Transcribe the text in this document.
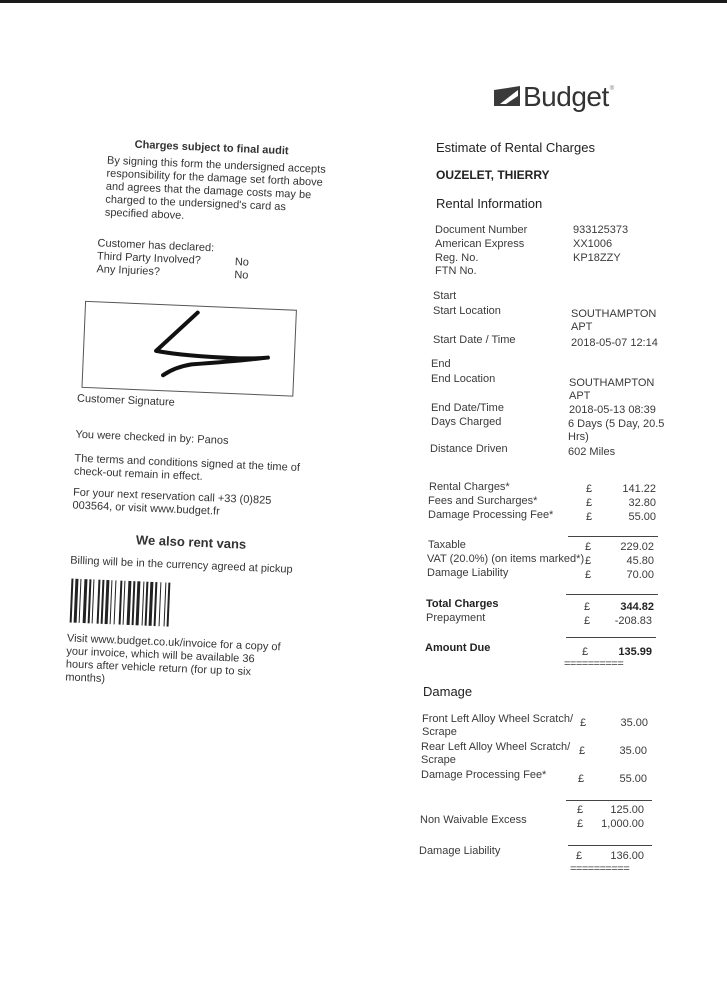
Charges subject to final audit
By signing this form the undersigned accepts responsibility for the damage set forth above and agrees that the damage costs may be charged to the undersigned's card as specified above.
Customer has declared:
Third Party Involved?	No
Any Injuries?	No
Customer Signature
You were checked in by: Panos
The terms and conditions signed at the time of check-out remain in effect.
For your next reservation call +33 (0)825 003564, or visit www.budget.fr
We also rent vans
Billing will be in the currency agreed at pickup
Visit www.budget.co.uk/invoice for a copy of your invoice, which will be available 36 hours after vehicle return (for up to six months)
Budget ®
Estimate of Rental Charges
OUZELET, THIERRY
Rental Information
Document Number	933125373
American Express	XX1006
Reg. No.	KP18ZZY
FTN No.
Start
Start Location	SOUTHAMPTON
APT
Start Date / Time	2018-05-07 12:14
End
End Location	SOUTHAMPTON
APT
End Date/Time	2018-05-13 08:39
Days Charged	6 Days (5 Day, 20.5
Hrs)
Distance Driven	602 Miles
Rental Charges*	£	141.22
Fees and Surcharges*	£	32.80
Damage Processing Fee*	£	55.00
Taxable	£	229.02
VAT (20.0%) (on items marked*) £	45.80
Damage Liability	£	70.00
Total Charges	£	344.82
Prepayment	£	-208.83
Amount Due	£	135.99
==========
Damage
Front Left Alloy Wheel Scratch/
Scrape
£	35.00
Rear Left Alloy Wheel Scratch/
Scrape
£	35.00
Damage Processing Fee*	£	55.00
£	125.00
Non Waivable Excess	£	1,000.00
Damage Liability	£	136.00
==========
